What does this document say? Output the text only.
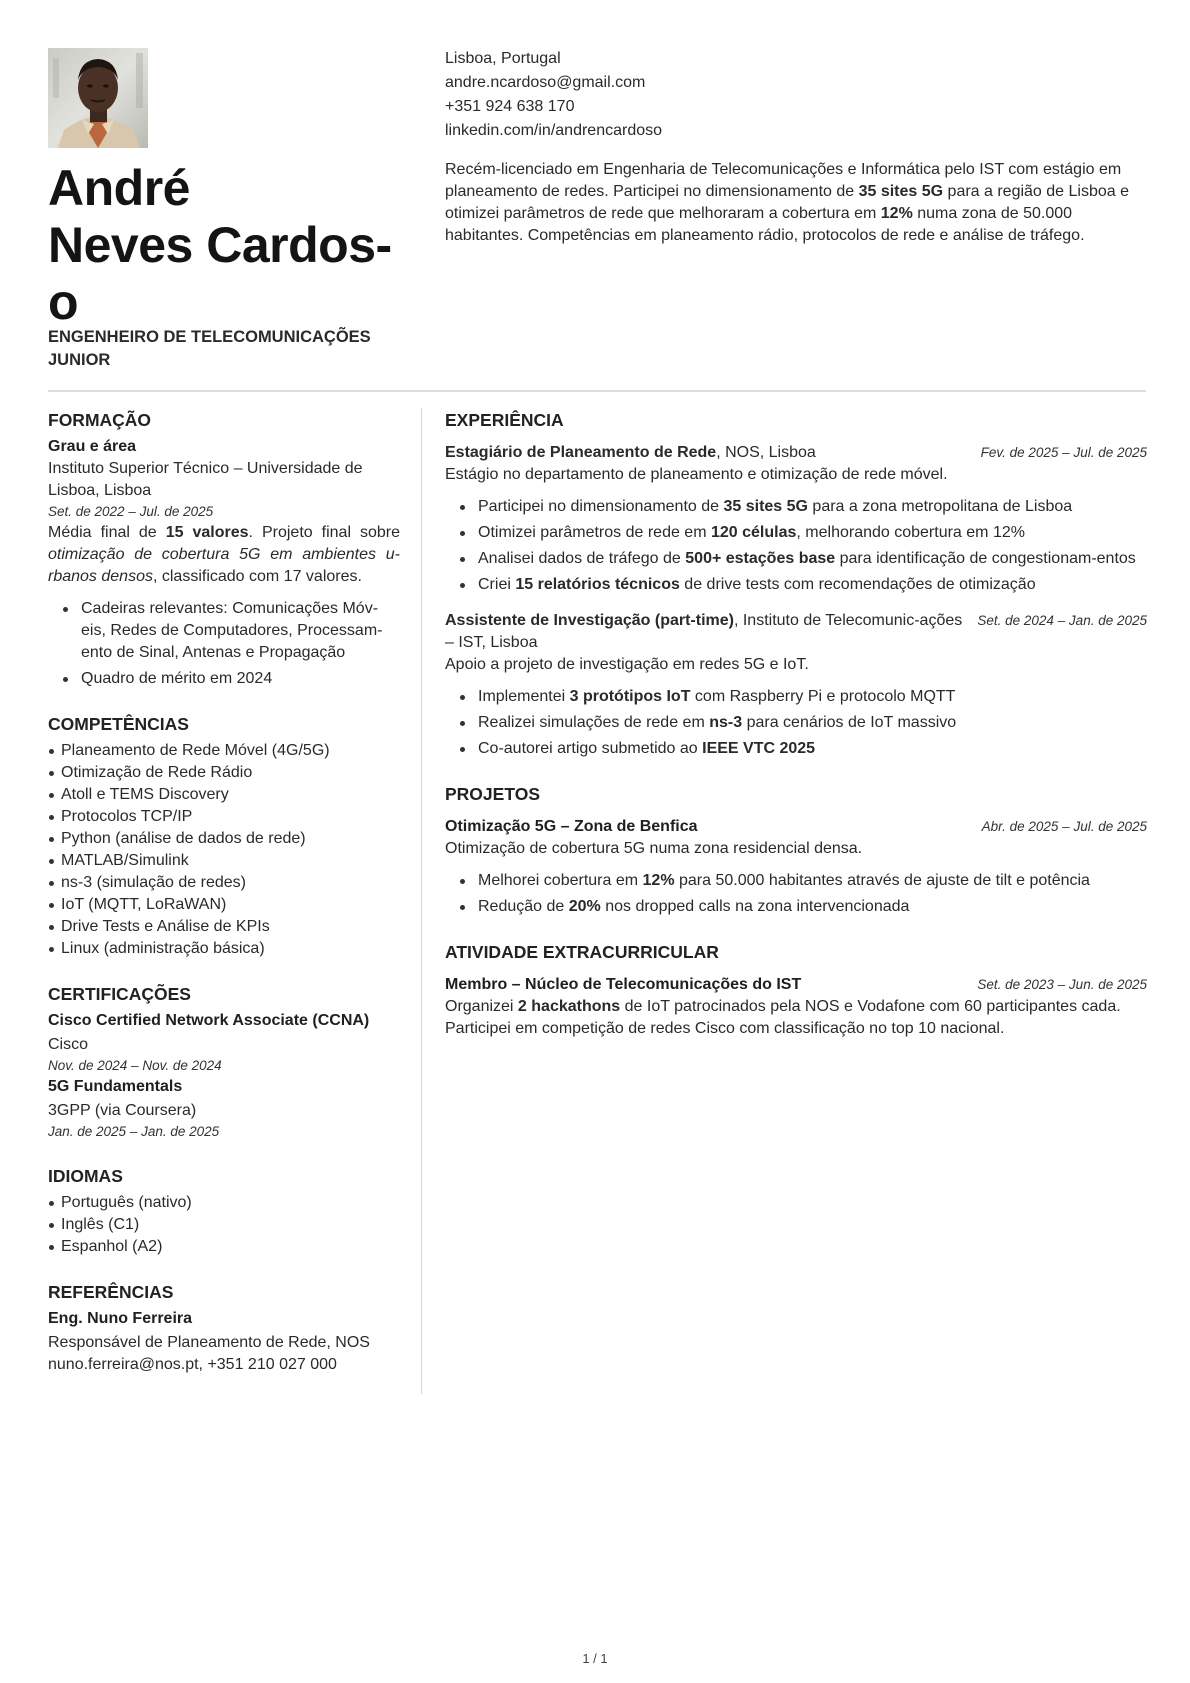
André
Neves Cardos-
o
ENGENHEIRO DE TELECOMUNICAÇÕES JUNIOR
Lisboa, Portugal
andre.ncardoso@gmail.com
+351 924 638 170
linkedin.com/in/andrencardoso
Recém-licenciado em Engenharia de Telecomunicações e Informática pelo IST com estágio em planeamento de redes. Participei no dimensionamento de 35 sites 5G para a região de Lisboa e otimizei parâmetros de rede que melhoraram a cobertura em 12% numa zona de 50.000 habitantes. Competências em planeamento rádio, protocolos de rede e análise de tráfego.
FORMAÇÃO
Grau e área
Instituto Superior Técnico – Universidade de Lisboa, Lisboa
Set. de 2022 – Jul. de 2025
Média final de 15 valores. Projeto final sobre otimização de cobertura 5G em ambientes u-rbanos densos, classificado com 17 valores.
Cadeiras relevantes: Comunicações Móv-eis, Redes de Computadores, Processam-ento de Sinal, Antenas e Propagação
Quadro de mérito em 2024
COMPETÊNCIAS
Planeamento de Rede Móvel (4G/5G)
Otimização de Rede Rádio
Atoll e TEMS Discovery
Protocolos TCP/IP
Python (análise de dados de rede)
MATLAB/Simulink
ns-3 (simulação de redes)
IoT (MQTT, LoRaWAN)
Drive Tests e Análise de KPIs
Linux (administração básica)
CERTIFICAÇÕES
Cisco Certified Network Associate (CCNA)
Cisco
Nov. de 2024 – Nov. de 2024
5G Fundamentals
3GPP (via Coursera)
Jan. de 2025 – Jan. de 2025
IDIOMAS
Português (nativo)
Inglês (C1)
Espanhol (A2)
REFERÊNCIAS
Eng. Nuno Ferreira
Responsável de Planeamento de Rede, NOS
nuno.ferreira@nos.pt, +351 210 027 000
EXPERIÊNCIA
Estagiário de Planeamento de Rede, NOS, Lisboa	Fev. de 2025 – Jul. de 2025
Estágio no departamento de planeamento e otimização de rede móvel.
Participei no dimensionamento de 35 sites 5G para a zona metropolitana de Lisboa
Otimizei parâmetros de rede em 120 células, melhorando cobertura em 12%
Analisei dados de tráfego de 500+ estações base para identificação de congestionam-entos
Criei 15 relatórios técnicos de drive tests com recomendações de otimização
Assistente de Investigação (part-time), Instituto de Telecomunic-ações – IST, Lisboa
Set. de 2024 – Jan. de 2025
Apoio a projeto de investigação em redes 5G e IoT.
Implementei 3 protótipos IoT com Raspberry Pi e protocolo MQTT
Realizei simulações de rede em ns-3 para cenários de IoT massivo
Co-autorei artigo submetido ao IEEE VTC 2025
PROJETOS
Otimização 5G – Zona de Benfica	Abr. de 2025 – Jul. de 2025
Otimização de cobertura 5G numa zona residencial densa.
Melhorei cobertura em 12% para 50.000 habitantes através de ajuste de tilt e potência
Redução de 20% nos dropped calls na zona intervencionada
ATIVIDADE EXTRACURRICULAR
Membro – Núcleo de Telecomunicações do IST	Set. de 2023 – Jun. de 2025
Organizei 2 hackathons de IoT patrocinados pela NOS e Vodafone com 60 participantes cada. Participei em competição de redes Cisco com classificação no top 10 nacional.
1 / 1
